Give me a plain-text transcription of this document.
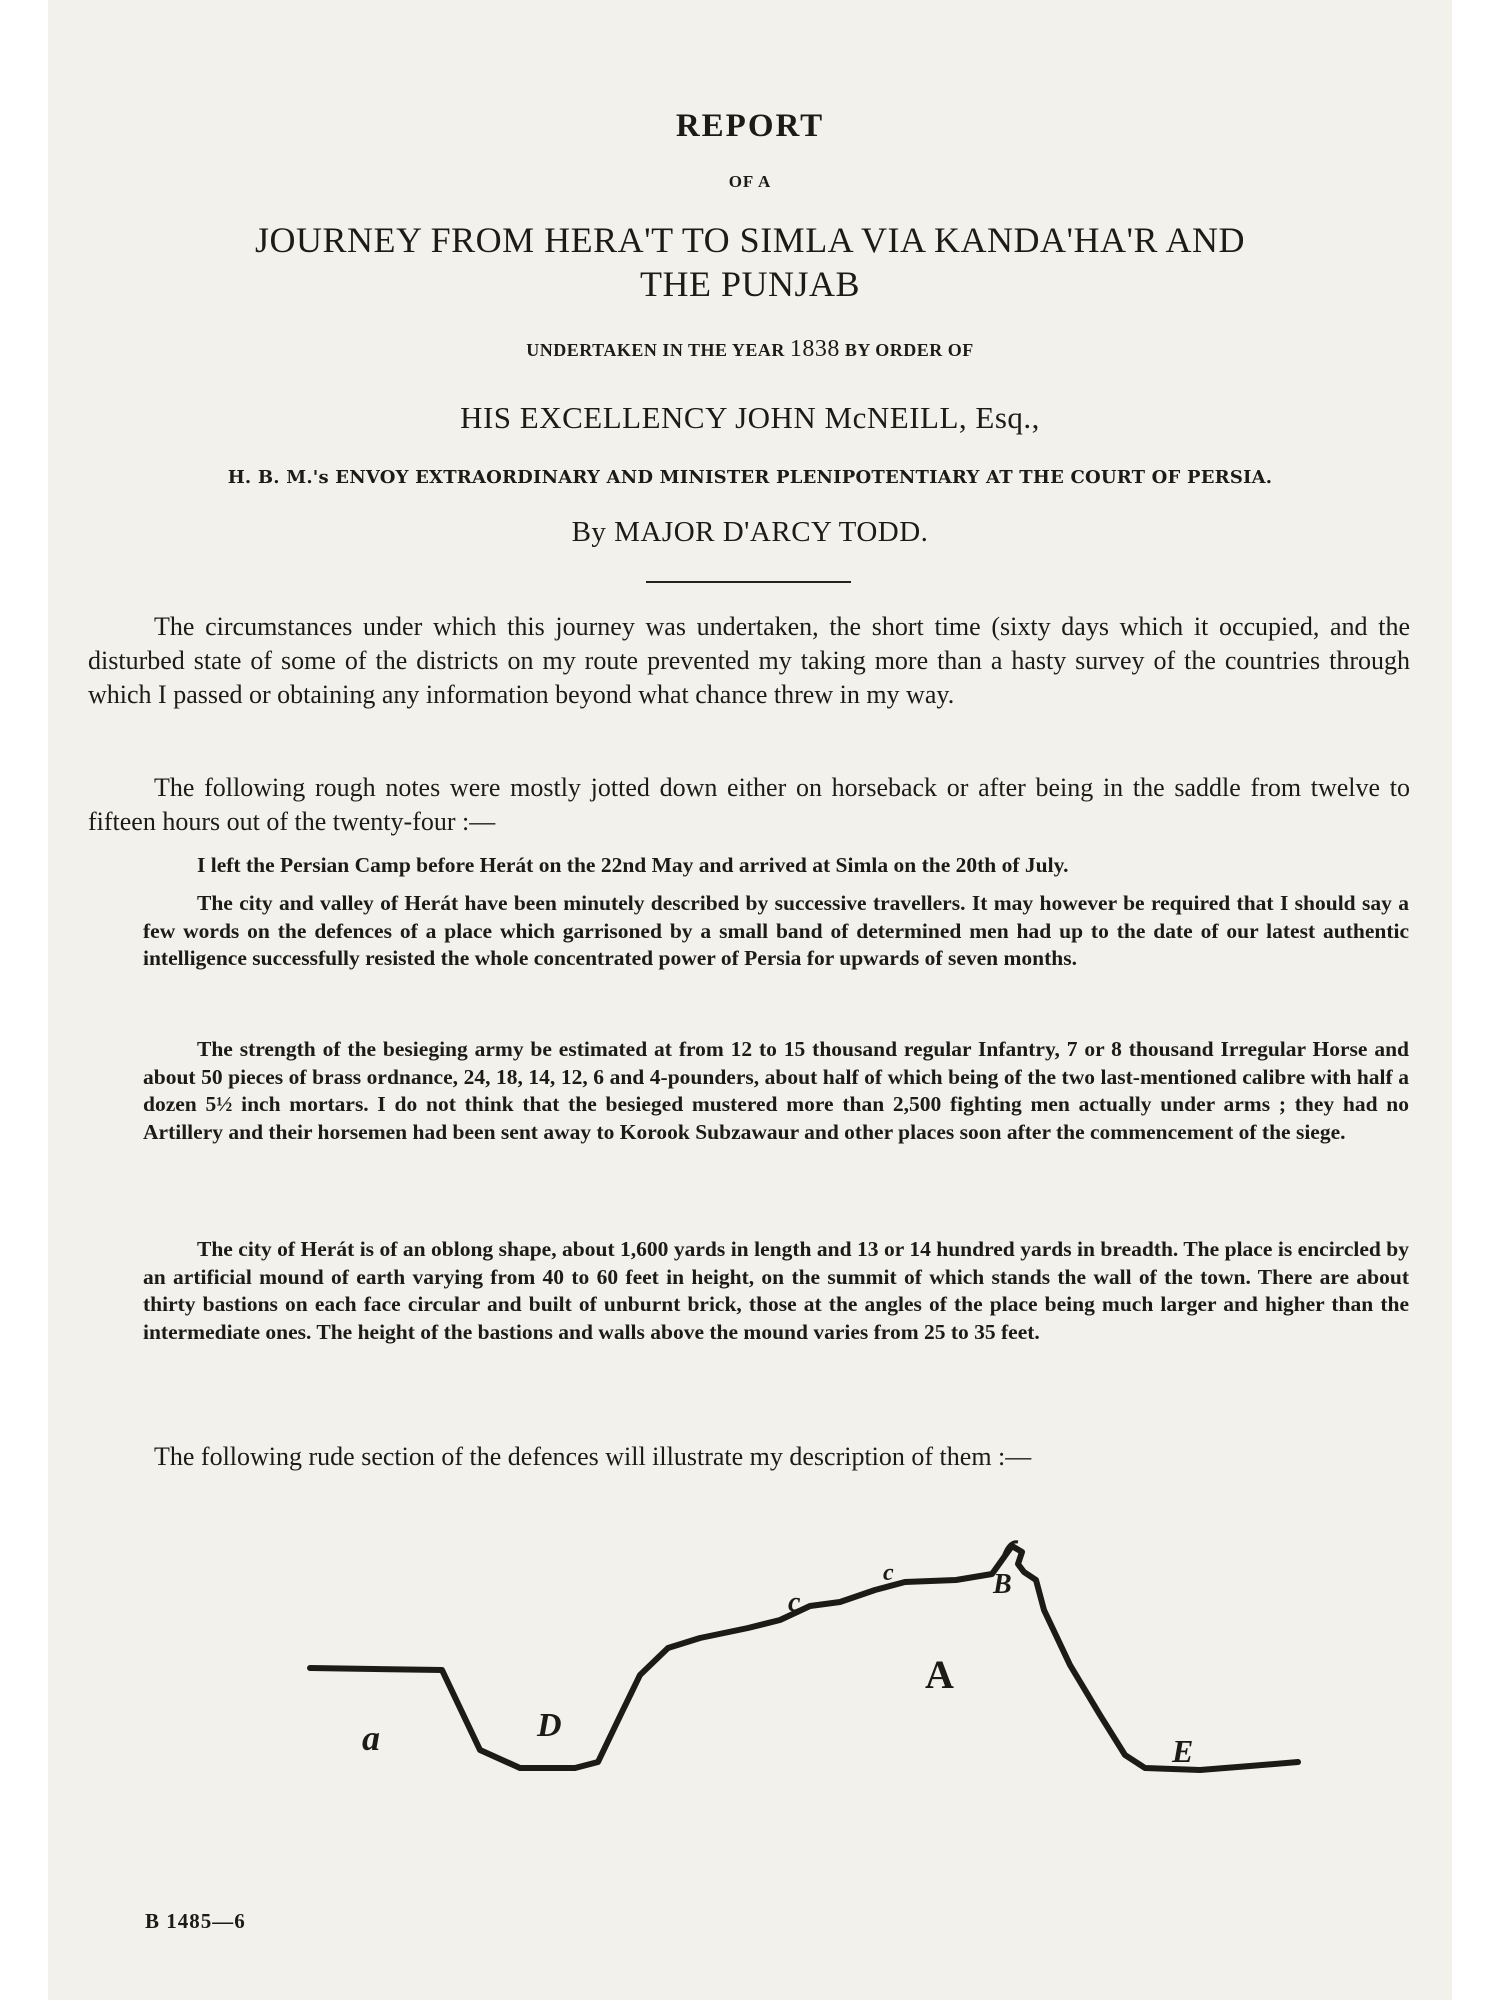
REPORT
OF A
JOURNEY FROM HERA'T TO SIMLA VIA KANDA'HA'R AND
THE PUNJAB
UNDERTAKEN IN THE YEAR 1838 BY ORDER OF
HIS EXCELLENCY JOHN McNEILL, Esq.,
H. B. M.'s ENVOY EXTRAORDINARY AND MINISTER PLENIPOTENTIARY AT THE COURT OF PERSIA.
By MAJOR D'ARCY TODD.

The circumstances under which this journey was undertaken, the short time (sixty days which it occupied, and the disturbed state of some of the districts on my route prevented my taking more than a hasty survey of the countries through which I passed or obtaining any information beyond what chance threw in my way.

The following rough notes were mostly jotted down either on horseback or after being in the saddle from twelve to fifteen hours out of the twenty-four :—

I left the Persian Camp before Herát on the 22nd May and arrived at Simla on the 20th of July.

The city and valley of Herát have been minutely described by successive travellers. It may however be required that I should say a few words on the defences of a place which garrisoned by a small band of determined men had up to the date of our latest authentic intelligence successfully resisted the whole concentrated power of Persia for upwards of seven months.

The strength of the besieging army be estimated at from 12 to 15 thousand regular Infantry, 7 or 8 thousand Irregular Horse and about 50 pieces of brass ordnance, 24, 18, 14, 12, 6 and 4-pounders, about half of which being of the two last-mentioned calibre with half a dozen 5½ inch mortars. I do not think that the besieged mustered more than 2,500 fighting men actually under arms ; they had no Artillery and their horsemen had been sent away to Korook Subzawaur and other places soon after the commencement of the siege.

The city of Herát is of an oblong shape, about 1,600 yards in length and 13 or 14 hundred yards in breadth. The place is encircled by an artificial mound of earth varying from 40 to 60 feet in height, on the summit of which stands the wall of the town. There are about thirty bastions on each face circular and built of unburnt brick, those at the angles of the place being much larger and higher than the intermediate ones. The height of the bastions and walls above the mound varies from 25 to 35 feet.

The following rude section of the defences will illustrate my description of them :—

a	D
A
c
c	B
E
B 1485—6
